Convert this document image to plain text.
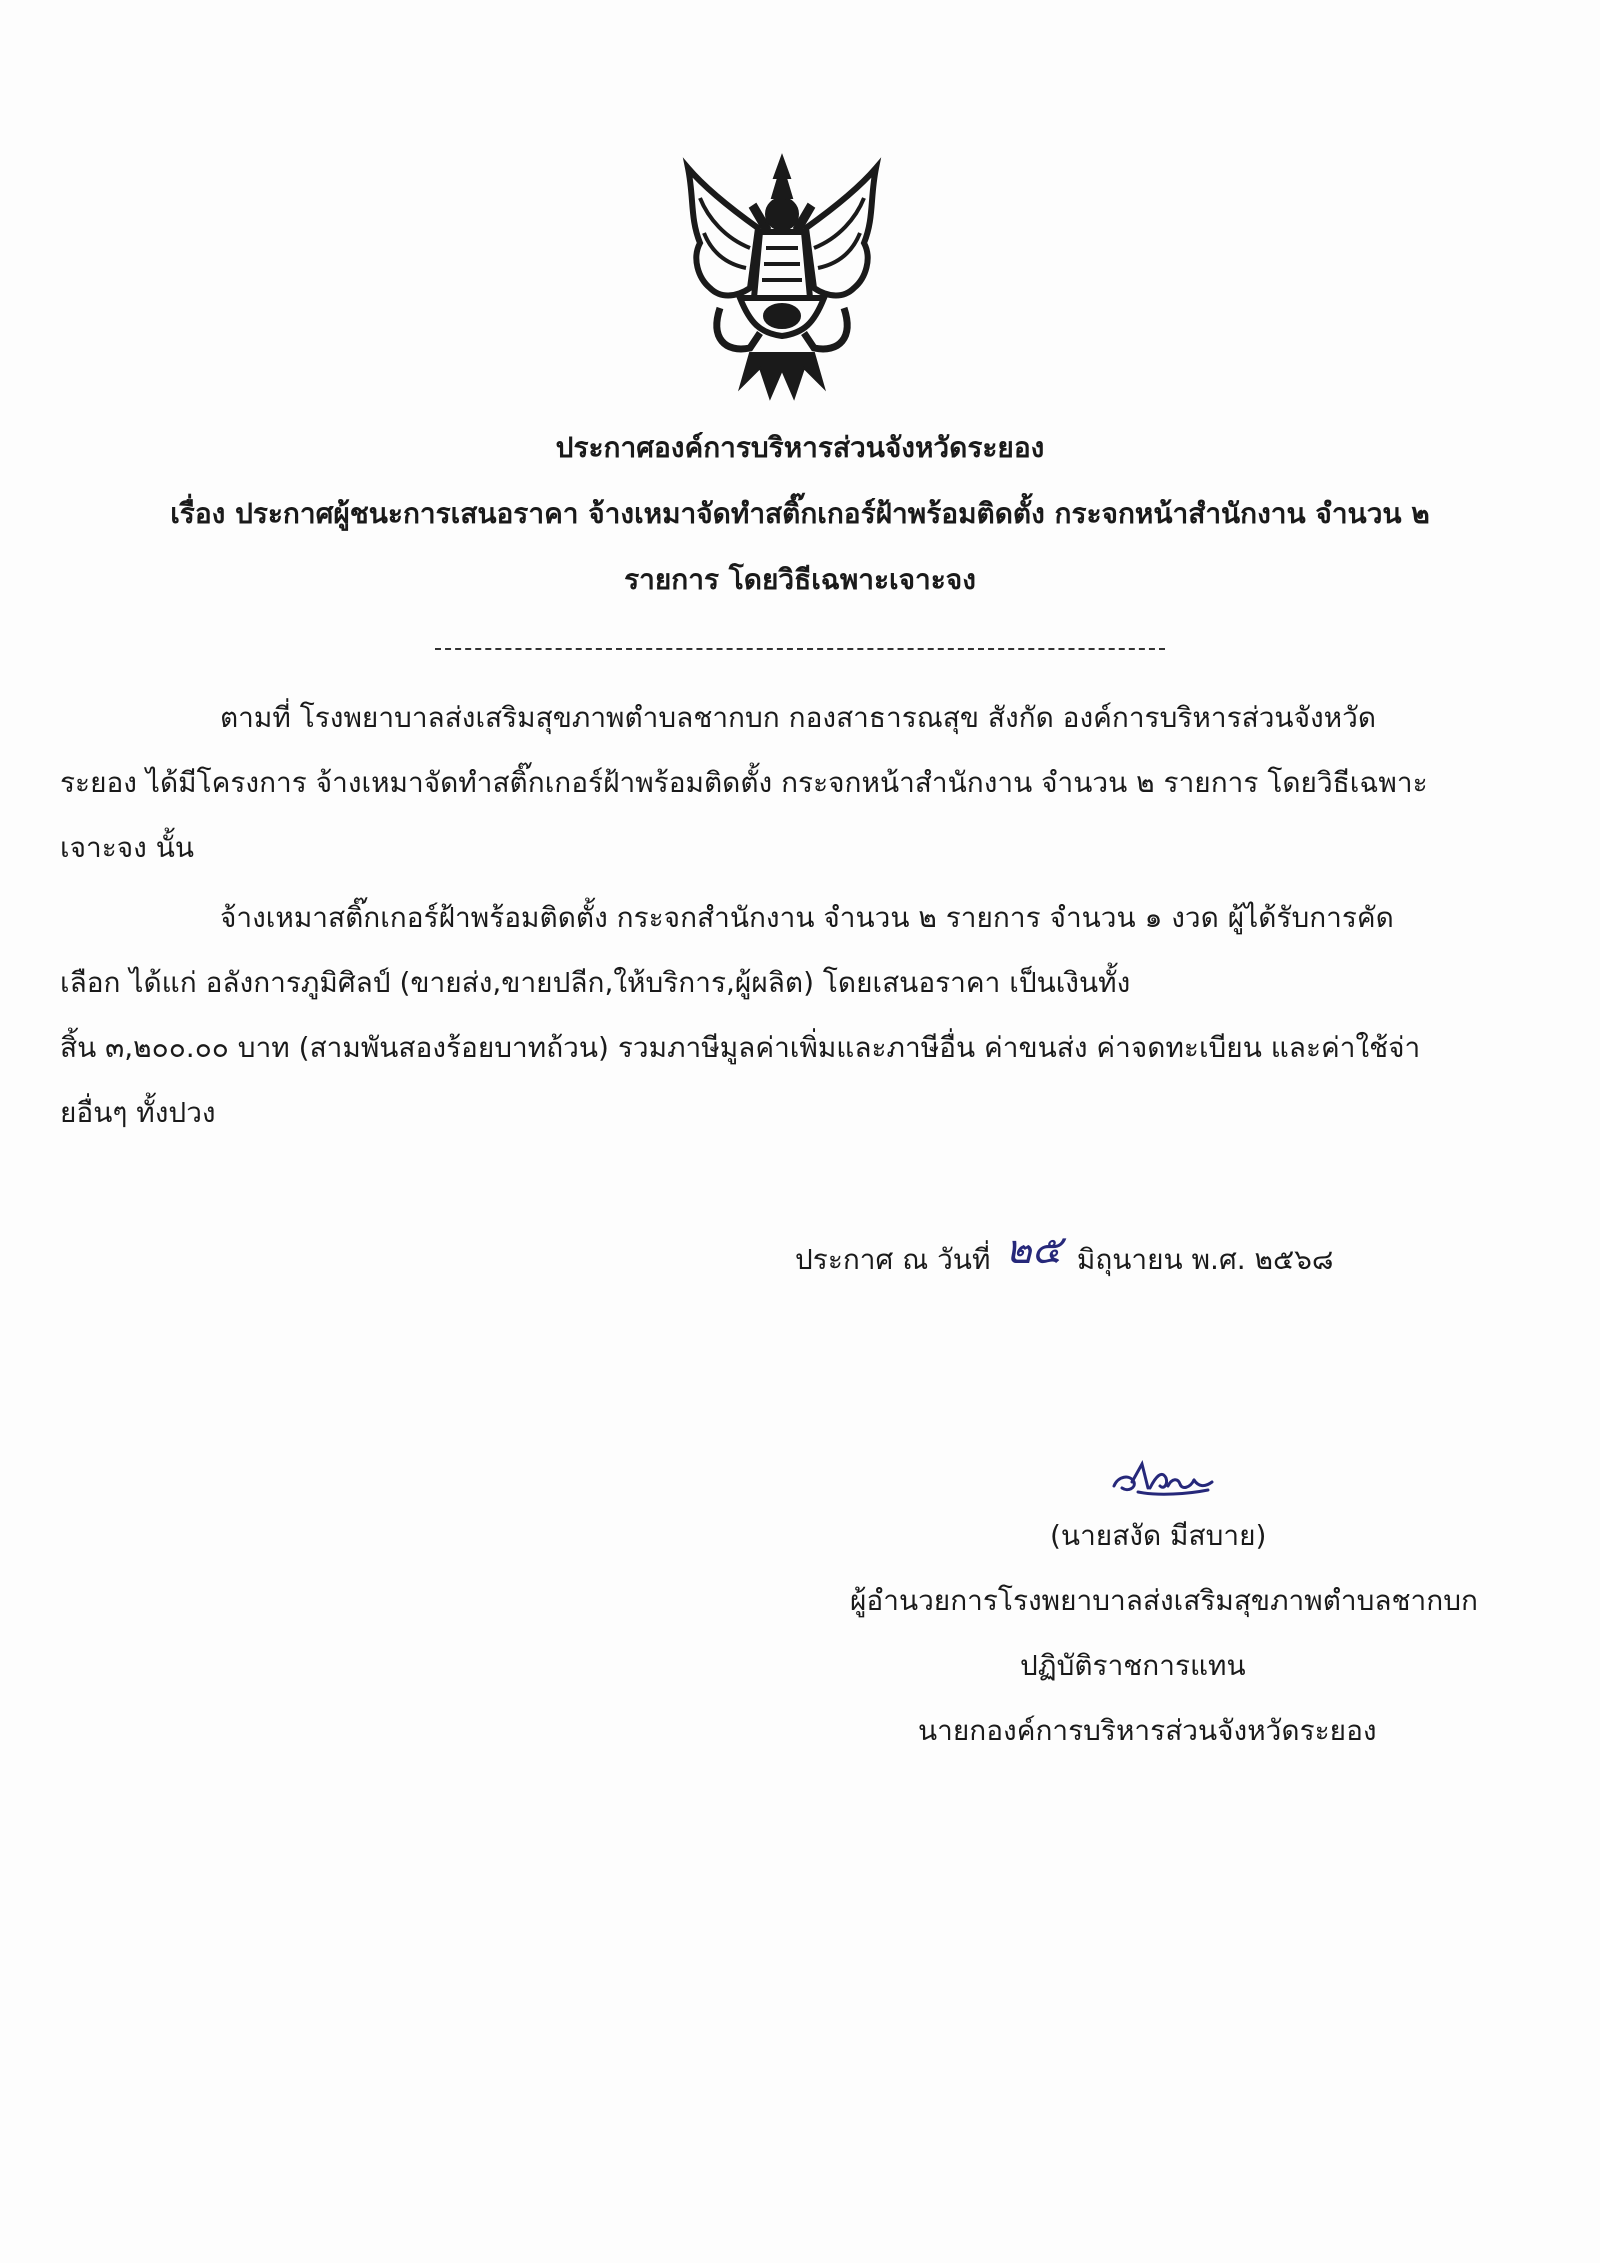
ประกาศองค์การบริหารส่วนจังหวัดระยอง
เรื่อง ประกาศผู้ชนะการเสนอราคา จ้างเหมาจัดทำสติ๊กเกอร์ฝ้าพร้อมติดตั้ง กระจกหน้าสำนักงาน จำนวน ๒
รายการ โดยวิธีเฉพาะเจาะจง
ตามที่ โรงพยาบาลส่งเสริมสุขภาพตำบลชากบก กองสาธารณสุข สังกัด องค์การบริหารส่วนจังหวัด
ระยอง ได้มีโครงการ จ้างเหมาจัดทำสติ๊กเกอร์ฝ้าพร้อมติดตั้ง กระจกหน้าสำนักงาน จำนวน ๒ รายการ โดยวิธีเฉพาะ
เจาะจง นั้น
จ้างเหมาสติ๊กเกอร์ฝ้าพร้อมติดตั้ง กระจกสำนักงาน จำนวน ๒ รายการ จำนวน ๑ งวด ผู้ได้รับการคัด
เลือก ได้แก่ อลังการภูมิศิลป์ (ขายส่ง,ขายปลีก,ให้บริการ,ผู้ผลิต) โดยเสนอราคา เป็นเงินทั้ง
สิ้น ๓,๒๐๐.๐๐ บาท (สามพันสองร้อยบาทถ้วน) รวมภาษีมูลค่าเพิ่มและภาษีอื่น ค่าขนส่ง ค่าจดทะเบียน และค่าใช้จ่า
ยอื่นๆ ทั้งปวง
ประกาศ ณ วันที่ ๒๕ มิถุนายน พ.ศ. ๒๕๖๘
(นายสงัด มีสบาย)
ผู้อำนวยการโรงพยาบาลส่งเสริมสุขภาพตำบลชากบก
ปฏิบัติราชการแทน
นายกองค์การบริหารส่วนจังหวัดระยอง
